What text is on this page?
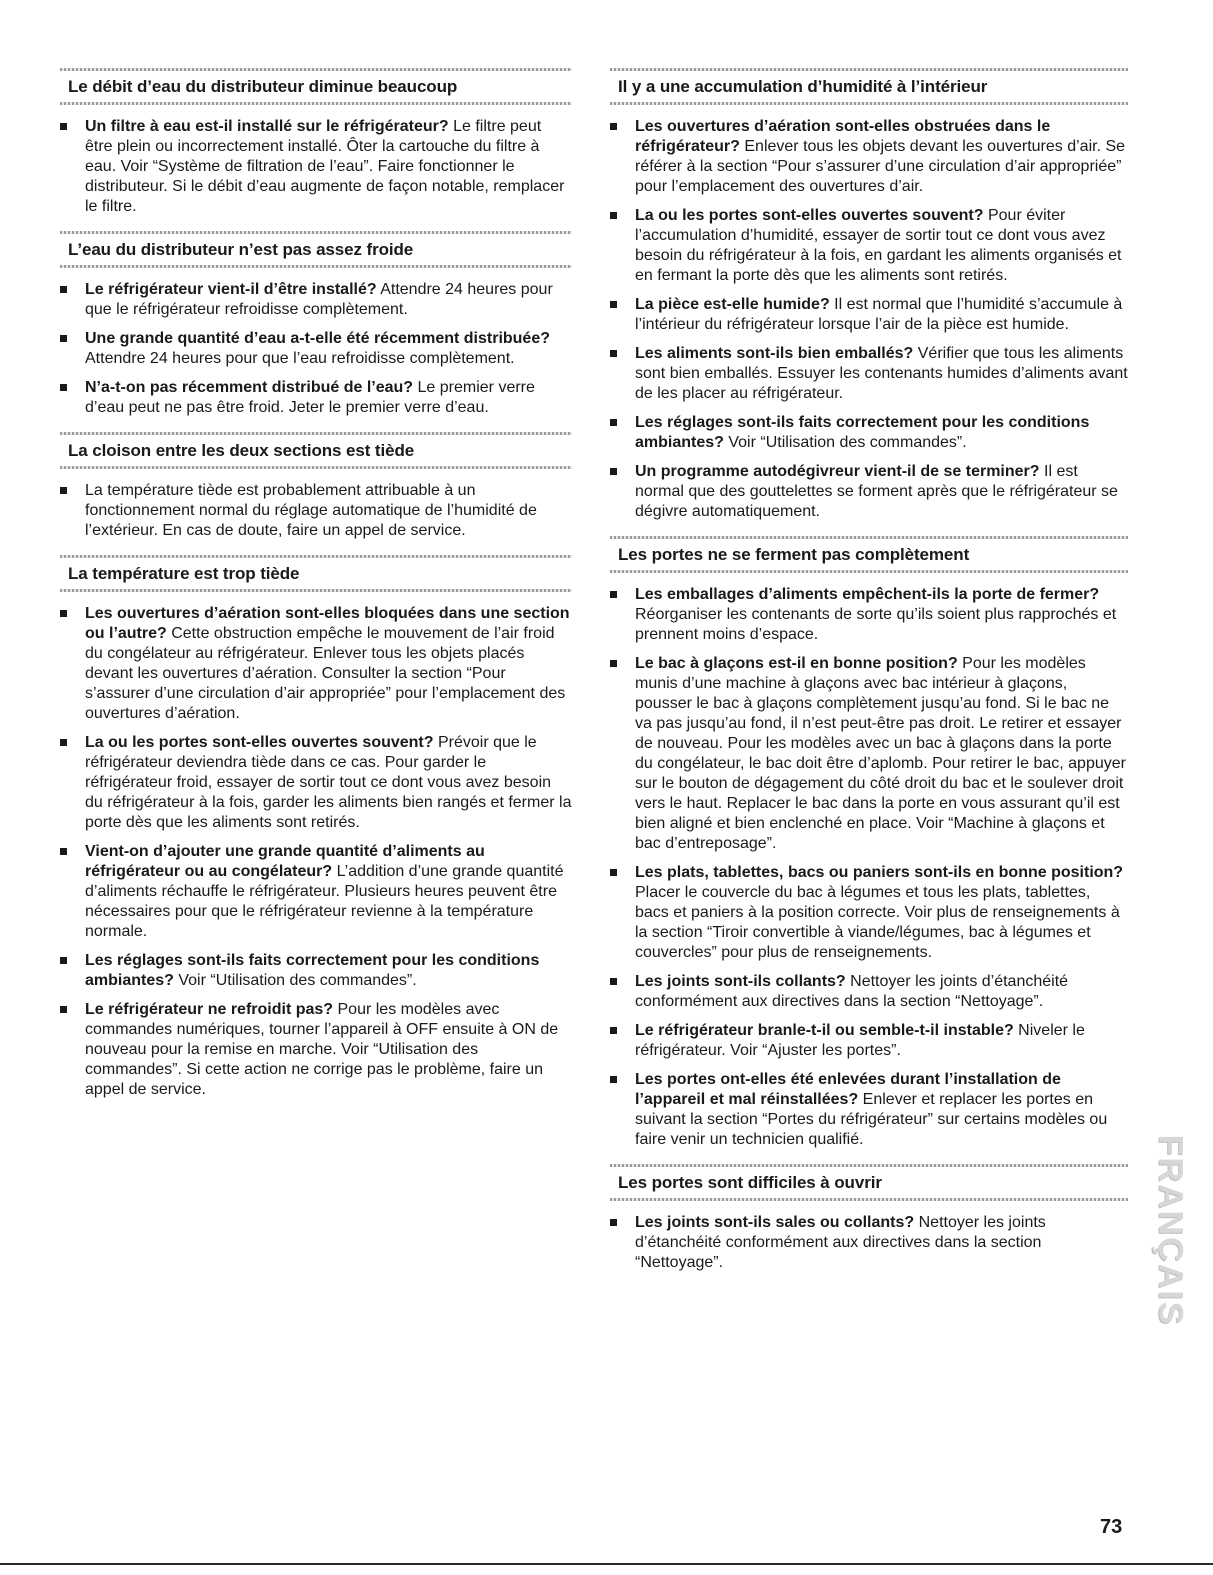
Le débit d’eau du distributeur diminue beaucoup
Un filtre à eau est-il installé sur le réfrigérateur? Le filtre peut être plein ou incorrectement installé. Ôter la cartouche du filtre à eau. Voir “Système de filtration de l’eau”. Faire fonctionner le distributeur. Si le débit d’eau augmente de façon notable, remplacer le filtre.
L’eau du distributeur n’est pas assez froide
Le réfrigérateur vient-il d’être installé? Attendre 24 heures pour que le réfrigérateur refroidisse complètement.
Une grande quantité d’eau a-t-elle été récemment distribuée? Attendre 24 heures pour que l’eau refroidisse complètement.
N’a-t-on pas récemment distribué de l’eau? Le premier verre d’eau peut ne pas être froid. Jeter le premier verre d’eau.
La cloison entre les deux sections est tiède
La température tiède est probablement attribuable à un fonctionnement normal du réglage automatique de l’humidité de l’extérieur. En cas de doute, faire un appel de service.
La température est trop tiède
Les ouvertures d’aération sont-elles bloquées dans une section ou l’autre? Cette obstruction empêche le mouvement de l’air froid du congélateur au réfrigérateur. Enlever tous les objets placés devant les ouvertures d’aération. Consulter la section “Pour s’assurer d’une circulation d’air appropriée” pour l’emplacement des ouvertures d’aération.
La ou les portes sont-elles ouvertes souvent? Prévoir que le réfrigérateur deviendra tiède dans ce cas. Pour garder le réfrigérateur froid, essayer de sortir tout ce dont vous avez besoin du réfrigérateur à la fois, garder les aliments bien rangés et fermer la porte dès que les aliments sont retirés.
Vient-on d’ajouter une grande quantité d’aliments au réfrigérateur ou au congélateur? L’addition d’une grande quantité d’aliments réchauffe le réfrigérateur. Plusieurs heures peuvent être nécessaires pour que le réfrigérateur revienne à la température normale.
Les réglages sont-ils faits correctement pour les conditions ambiantes? Voir “Utilisation des commandes”.
Le réfrigérateur ne refroidit pas? Pour les modèles avec commandes numériques, tourner l’appareil à OFF ensuite à ON de nouveau pour la remise en marche. Voir “Utilisation des commandes”. Si cette action ne corrige pas le problème, faire un appel de service.
Il y a une accumulation d’humidité à l’intérieur
Les ouvertures d’aération sont-elles obstruées dans le réfrigérateur? Enlever tous les objets devant les ouvertures d’air. Se référer à la section “Pour s’assurer d’une circulation d’air appropriée” pour l’emplacement des ouvertures d’air.
La ou les portes sont-elles ouvertes souvent? Pour éviter l’accumulation d’humidité, essayer de sortir tout ce dont vous avez besoin du réfrigérateur à la fois, en gardant les aliments organisés et en fermant la porte dès que les aliments sont retirés.
La pièce est-elle humide? Il est normal que l’humidité s’accumule à l’intérieur du réfrigérateur lorsque l’air de la pièce est humide.
Les aliments sont-ils bien emballés? Vérifier que tous les aliments sont bien emballés. Essuyer les contenants humides d’aliments avant de les placer au réfrigérateur.
Les réglages sont-ils faits correctement pour les conditions ambiantes? Voir “Utilisation des commandes”.
Un programme autodégivreur vient-il de se terminer? Il est normal que des gouttelettes se forment après que le réfrigérateur se dégivre automatiquement.
Les portes ne se ferment pas complètement
Les emballages d’aliments empêchent-ils la porte de fermer? Réorganiser les contenants de sorte qu’ils soient plus rapprochés et prennent moins d’espace.
Le bac à glaçons est-il en bonne position? Pour les modèles munis d’une machine à glaçons avec bac intérieur à glaçons, pousser le bac à glaçons complètement jusqu’au fond. Si le bac ne va pas jusqu’au fond, il n’est peut-être pas droit. Le retirer et essayer de nouveau. Pour les modèles avec un bac à glaçons dans la porte du congélateur, le bac doit être d’aplomb. Pour retirer le bac, appuyer sur le bouton de dégagement du côté droit du bac et le soulever droit vers le haut. Replacer le bac dans la porte en vous assurant qu’il est bien aligné et bien enclenché en place. Voir “Machine à glaçons et bac d’entreposage”.
Les plats, tablettes, bacs ou paniers sont-ils en bonne position? Placer le couvercle du bac à légumes et tous les plats, tablettes, bacs et paniers à la position correcte. Voir plus de renseignements à la section “Tiroir convertible à viande/légumes, bac à légumes et couvercles” pour plus de renseignements.
Les joints sont-ils collants? Nettoyer les joints d’étanchéité conformément aux directives dans la section “Nettoyage”.
Le réfrigérateur branle-t-il ou semble-t-il instable? Niveler le réfrigérateur. Voir “Ajuster les portes”.
Les portes ont-elles été enlevées durant l’installation de l’appareil et mal réinstallées? Enlever et replacer les portes en suivant la section “Portes du réfrigérateur” sur certains modèles ou faire venir un technicien qualifié.
Les portes sont difficiles à ouvrir
Les joints sont-ils sales ou collants? Nettoyer les joints d’étanchéité conformément aux directives dans la section “Nettoyage”.	FRANÇAIS
73
